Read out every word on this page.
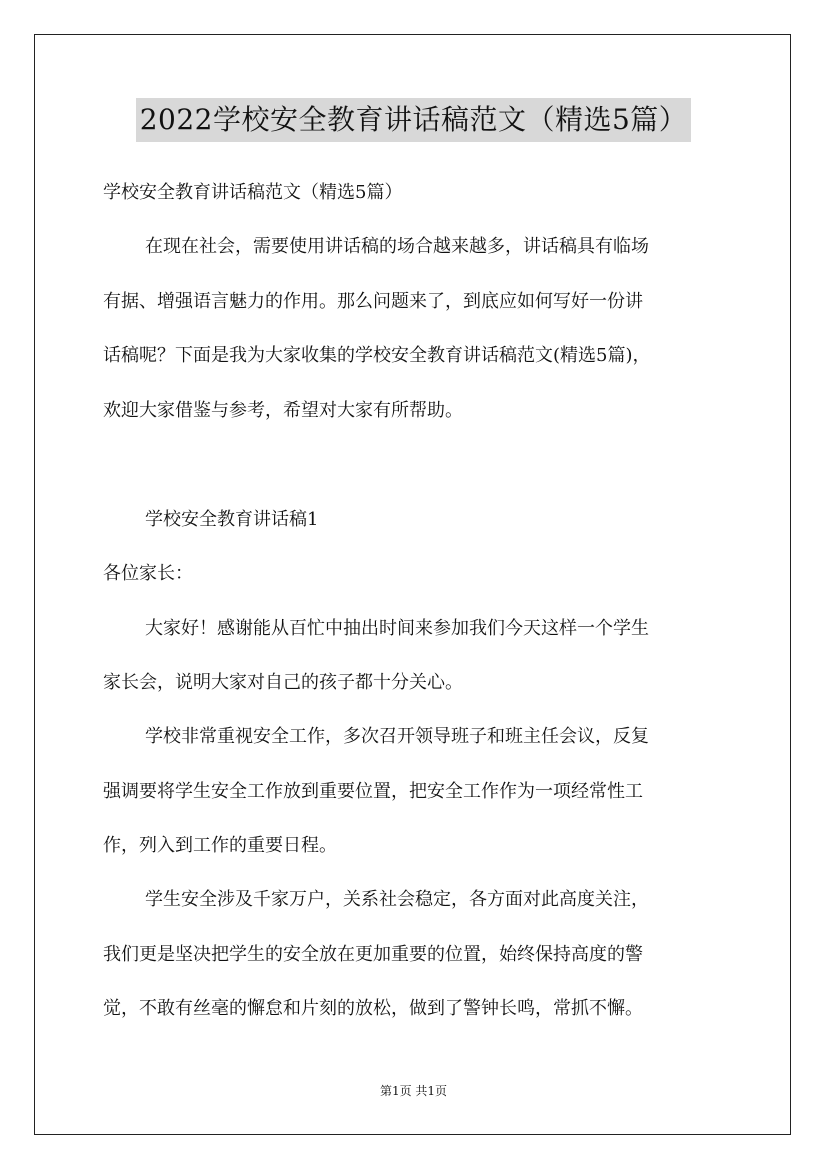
2022学校安全教育讲话稿范文（精选5篇）
学校安全教育讲话稿范文（精选5篇）
在现在社会，需要使用讲话稿的场合越来越多，讲话稿具有临场
有据、增强语言魅力的作用。那么问题来了，到底应如何写好一份讲
话稿呢？下面是我为大家收集的学校安全教育讲话稿范文(精选5篇)，
欢迎大家借鉴与参考，希望对大家有所帮助。
学校安全教育讲话稿1
各位家长：
大家好！感谢能从百忙中抽出时间来参加我们今天这样一个学生
家长会，说明大家对自己的孩子都十分关心。
学校非常重视安全工作，多次召开领导班子和班主任会议，反复
强调要将学生安全工作放到重要位置，把安全工作作为一项经常性工
作，列入到工作的重要日程。
学生安全涉及千家万户，关系社会稳定，各方面对此高度关注，
我们更是坚决把学生的安全放在更加重要的位置，始终保持高度的警
觉，不敢有丝毫的懈怠和片刻的放松，做到了警钟长鸣，常抓不懈。
第1页 共1页
